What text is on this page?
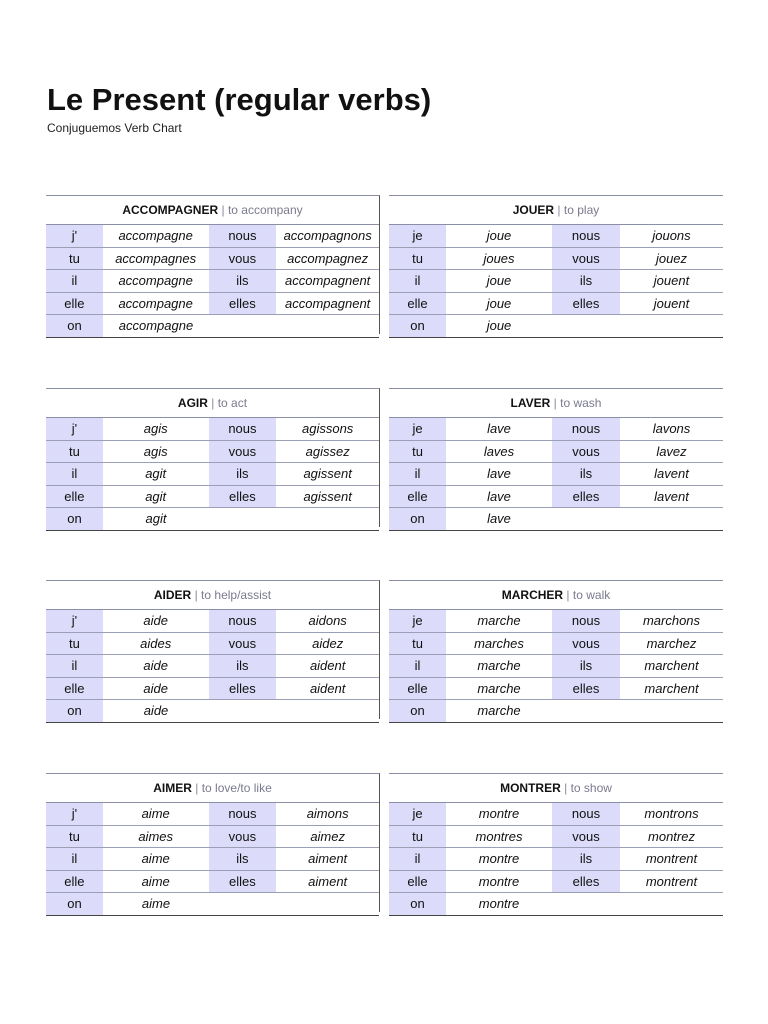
Le Present (regular verbs)

Conjuguemos Verb Chart

ACCOMPAGNER | to accompany
j'	accompagne	nous	accompagnons
tu	accompagnes	vous	accompagnez
il	accompagne	ils	accompagnent
elle	accompagne	elles	accompagnent
on	accompagne
JOUER | to play
je	joue	nous	jouons
tu	joues	vous	jouez
il	joue	ils	jouent
elle	joue	elles	jouent
on	joue
AGIR | to act
j'	agis	nous	agissons
tu	agis	vous	agissez
il	agit	ils	agissent
elle	agit	elles	agissent
on	agit
LAVER | to wash
je	lave	nous	lavons
tu	laves	vous	lavez
il	lave	ils	lavent
elle	lave	elles	lavent
on	lave
AIDER | to help/assist
j'	aide	nous	aidons
tu	aides	vous	aidez
il	aide	ils	aident
elle	aide	elles	aident
on	aide
MARCHER | to walk
je	marche	nous	marchons
tu	marches	vous	marchez
il	marche	ils	marchent
elle	marche	elles	marchent
on	marche
AIMER | to love/to like
j'	aime	nous	aimons
tu	aimes	vous	aimez
il	aime	ils	aiment
elle	aime	elles	aiment
on	aime
MONTRER | to show
je	montre	nous	montrons
tu	montres	vous	montrez
il	montre	ils	montrent
elle	montre	elles	montrent
on	montre
